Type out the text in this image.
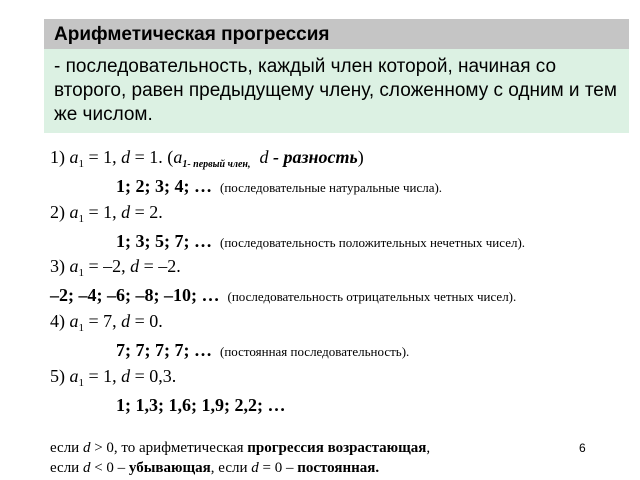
Арифметическая прогрессия

- последовательность, каждый член которой, начиная со второго, равен предыдущему члену, сложенному с одним и тем же числом.

1) $a_1 = 1$, d = 1. ($a_{1- первый член,}$ d - разность)
1; 2; 3; 4; … (последовательные натуральные числа).
2) $a_1 = 1$, d = 2.
1; 3; 5; 7; … (последовательность положительных нечетных чисел).
3) $a_1 = -2$, d = –2.
–2; –4; –6; –8; –10; … (последовательность отрицательных четных чисел).
4) $a_1 = 7$, d = 0.
7; 7; 7; 7; … (постоянная последовательность).
5) $a_1 = 1$, d = 0,3.
1; 1,3; 1,6; 1,9; 2,2; …
если d > 0, то арифметическая прогрессия возрастающая,
если d < 0 – убывающая, если d = 0 – постоянная.
6
